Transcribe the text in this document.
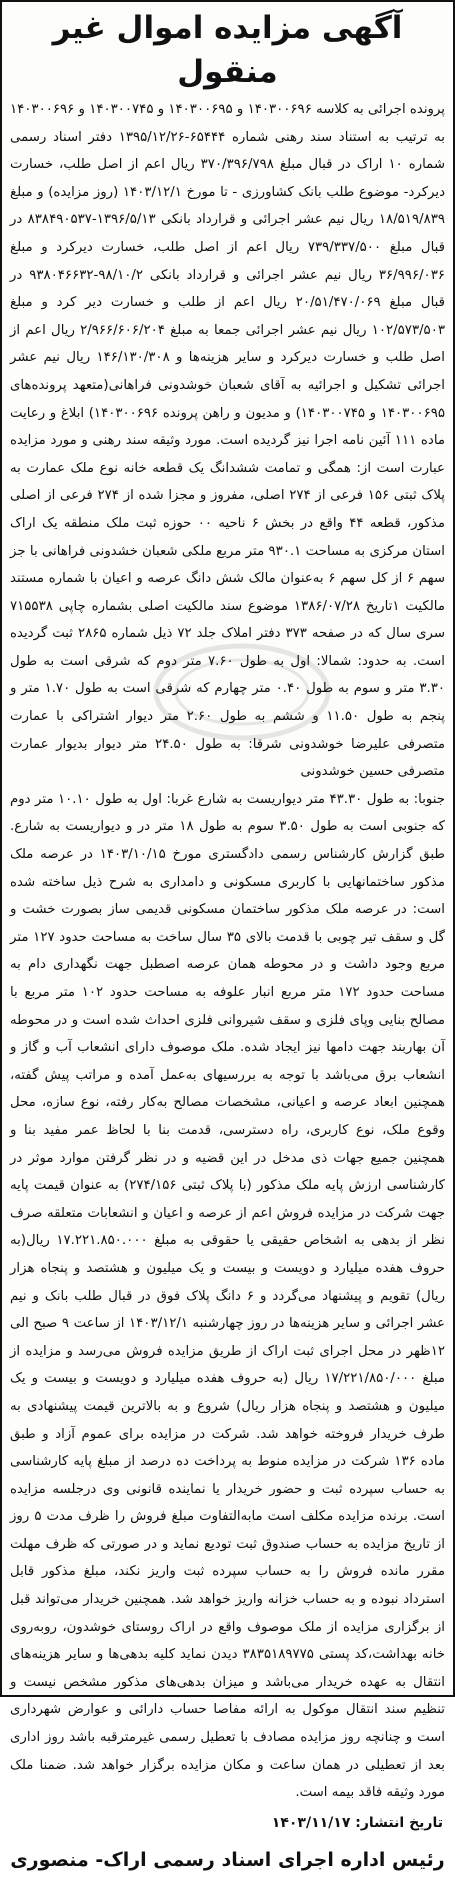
آگهی مزایده اموال غیر منقول

پرونده اجرائی به کلاسه ۱۴۰۳۰۰۶۹۶ و ۱۴۰۳۰۰۶۹۵ و ۱۴۰۳۰۰۷۴۵ و ۱۴۰۳۰۰۶۹۶ به ترتیب به استناد سند رهنی شماره ۶۵۴۴۴-۱۳۹۵/۱۲/۲۶ دفتر اسناد رسمی شماره ۱۰ اراک در قبال مبلغ ۳۷۰/۳۹۶/۷۹۸ ریال اعم از اصل طلب، خسارت دیرکرد- موضوع طلب بانک کشاورزی - تا مورخ ۱۴۰۳/۱۲/۱ (روز مزایده) و مبلغ ۱۸/۵۱۹/۸۳۹ ریال نیم عشر اجرائی و قرارداد بانکی ۱۳۹۶/۵/۱۳-۸۳۸۴۹۰۵۳۷ در قبال مبلغ ۷۳۹/۳۳۷/۵۰۰ ریال اعم از اصل طلب، خسارت دیرکرد و مبلغ ۳۶/۹۹۶/۰۳۶ ریال نیم عشر اجرائی و قرارداد بانکی ۹۸/۱۰/۲-۹۳۸۰۴۶۶۳۲ در قبال مبلغ ۲۰/۵۱/۴۷۰/۰۶۹ ریال اعم از طلب و خسارت دیر کرد و مبلغ ۱۰۲/۵۷۳/۵۰۳ ریال نیم عشر اجرائی جمعا به مبلغ ۲/۹۶۶/۶۰۶/۲۰۴ ریال اعم از اصل طلب و خسارت دیرکرد و سایر هزینه‌ها و ۱۴۶/۱۳۰/۳۰۸ ریال نیم عشر اجرائی تشکیل و اجرائیه به آقای شعبان خوشدونی فراهانی(متعهد پرونده‌های ۱۴۰۳۰۰۶۹۵ و ۱۴۰۳۰۰۷۴۵) و مدیون و راهن پرونده ۱۴۰۳۰۰۶۹۶) ابلاغ و رعایت ماده ۱۱۱ آئین نامه اجرا نیز گردیده است. مورد وثیقه سند رهنی و مورد مزایده عبارت است از: همگی و تمامت ششدانگ یک قطعه خانه نوع ملک عمارت به پلاک ثبتی ۱۵۶ فرعی از ۲۷۴ اصلی، مفروز و مجزا شده از ۲۷۴ فرعی از اصلی مذکور، قطعه ۴۴ واقع در بخش ۶ ناحیه ۰۰ حوزه ثبت ملک منطقه یک اراک استان مرکزی به مساحت ۹۳۰.۱ متر مربع ملکی شعبان خشدونی فراهانی با جز سهم ۶ از کل سهم ۶ به‌عنوان مالک شش دانگ عرصه و اعیان با شماره مستند مالکیت ۱تاریخ ۱۳۸۶/۰۷/۲۸ موضوع سند مالکیت اصلی بشماره چاپی ۷۱۵۵۳۸ سری سال که در صفحه ۳۷۳ دفتر املاک جلد ۷۲ ذیل شماره ۲۸۶۵ ثبت گردیده است. به حدود: شمالا: اول به طول ۷.۶۰ متر دوم که شرقی است به طول ۳.۳۰ متر و سوم به طول ۰.۴۰ متر چهارم که شرقی است به طول ۱.۷۰ متر و پنجم به طول ۱۱.۵۰ و ششم به طول ۲.۶۰ متر دیوار اشتراکی با عمارت متصرفی علیرضا خوشدونی شرقا: به طول ۲۴.۵۰ متر دیوار بدیوار عمارت متصرفی حسین خوشدونی

جنوبا: به طول ۴۳.۳۰ متر دیواریست به شارع غربا: اول به طول ۱۰.۱۰ متر دوم که جنوبی است به طول ۳.۵۰ سوم به طول ۱۸ متر در و دیواریست به شارع. طبق گزارش کارشناس رسمی دادگستری مورخ ۱۴۰۳/۱۰/۱۵ در عرصه ملک مذکور ساختمانهایی با کاربری مسکونی و دامداری به شرح ذیل ساخته شده است: در عرصه ملک مذکور ساختمان مسکونی قدیمی ساز بصورت خشت و گل و سقف تیر چوبی با قدمت بالای ۳۵ سال ساخت به مساحت حدود ۱۲۷ متر مربع وجود داشت و در محوطه همان عرصه اصطبل جهت نگهداری دام به مساحت حدود ۱۷۲ متر مربع انبار علوفه به مساحت حدود ۱۰۲ متر مربع با مصالح بنایی وپای فلزی و سقف شیروانی فلزی احداث شده است و در محوطه آن بهاربند جهت دامها نیز ایجاد شده. ملک موصوف دارای انشعاب آب و گاز و انشعاب برق می‌باشد با توجه به بررسیهای به‌عمل آمده و مراتب پیش گفته، همچنین ابعاد عرصه و اعیانی، مشخصات مصالح به‌کار رفته، نوع سازه، محل وقوع ملک، نوع کاربری، راه دسترسی، قدمت بنا با لحاظ عمر مفید بنا و همچنین جمیع جهات ذی مدخل در این قضیه و در نظر گرفتن موارد موثر در کارشناسی ارزش پایه ملک مذکور (با پلاک ثبتی ۲۷۴/۱۵۶) به عنوان قیمت پایه جهت شرکت در مزایده فروش اعم از عرصه و اعیان و انشعابات متعلقه صرف نظر از بدهی به اشخاص حقیقی یا حقوقی به مبلغ ۱۷.۲۲۱.۸۵۰.۰۰۰ ریال(به حروف هفده میلیارد و دویست و بیست و یک میلیون و هشتصد و پنجاه هزار ریال) تقویم و پیشنهاد می‌گردد و ۶ دانگ پلاک فوق در قبال طلب بانک و نیم عشر اجرائی و سایر هزینه‌ها در روز چهارشنبه ۱۴۰۳/۱۲/۱ از ساعت ۹ صبح الی ۱۲ظهر در محل اجرای ثبت اراک از طریق مزایده فروش می‌رسد و مزایده از مبلغ ۱۷/۲۲۱/۸۵۰/۰۰۰ ریال (به حروف هفده میلیارد و دویست و بیست و یک میلیون و هشتصد و پنجاه هزار ریال) شروع و به بالاترین قیمت پیشنهادی به طرف خریدار فروخته خواهد شد. شرکت در مزایده برای عموم آزاد و طبق ماده ۱۳۶ شرکت در مزایده منوط به پرداخت ده درصد از مبلغ پایه کارشناسی به حساب سپرده ثبت و حضور خریدار یا نماینده قانونی وی درجلسه مزایده است. برنده مزایده مکلف است مابه‌التفاوت مبلغ فروش را ظرف مدت ۵ روز از تاریخ مزایده به حساب صندوق ثبت تودیع نماید و در صورتی که ظرف مهلت مقرر مانده فروش را به حساب سپرده ثبت واریز نکند، مبلغ مذکور قابل استرداد نبوده و به حساب خزانه واریز خواهد شد. همچنین خریدار می‌تواند قبل از برگزاری مزایده از ملک موصوف واقع در اراک روستای خوشدون، روبه‌روی خانه بهداشت،کد پستی ۳۸۳۵۱۸۹۷۷۵ دیدن نماید کلیه بدهی‌ها و سایر هزینه‌های انتقال به عهده خریدار می‌باشد و میزان بدهی‌های مذکور مشخص نیست و تنظیم سند انتقال موکول به ارائه مفاصا حساب دارائی و عوارض شهرداری است و چنانچه روز مزایده مصادف با تعطیل رسمی غیرمترقبه باشد روز اداری بعد از تعطیلی در همان ساعت و مکان مزایده برگزار خواهد شد. ضمنا ملک مورد وثیقه فاقد بیمه است.

تاریخ انتشار: ۱۴۰۳/۱۱/۱۷
رئیس اداره اجرای اسناد رسمی اراک- منصوری
